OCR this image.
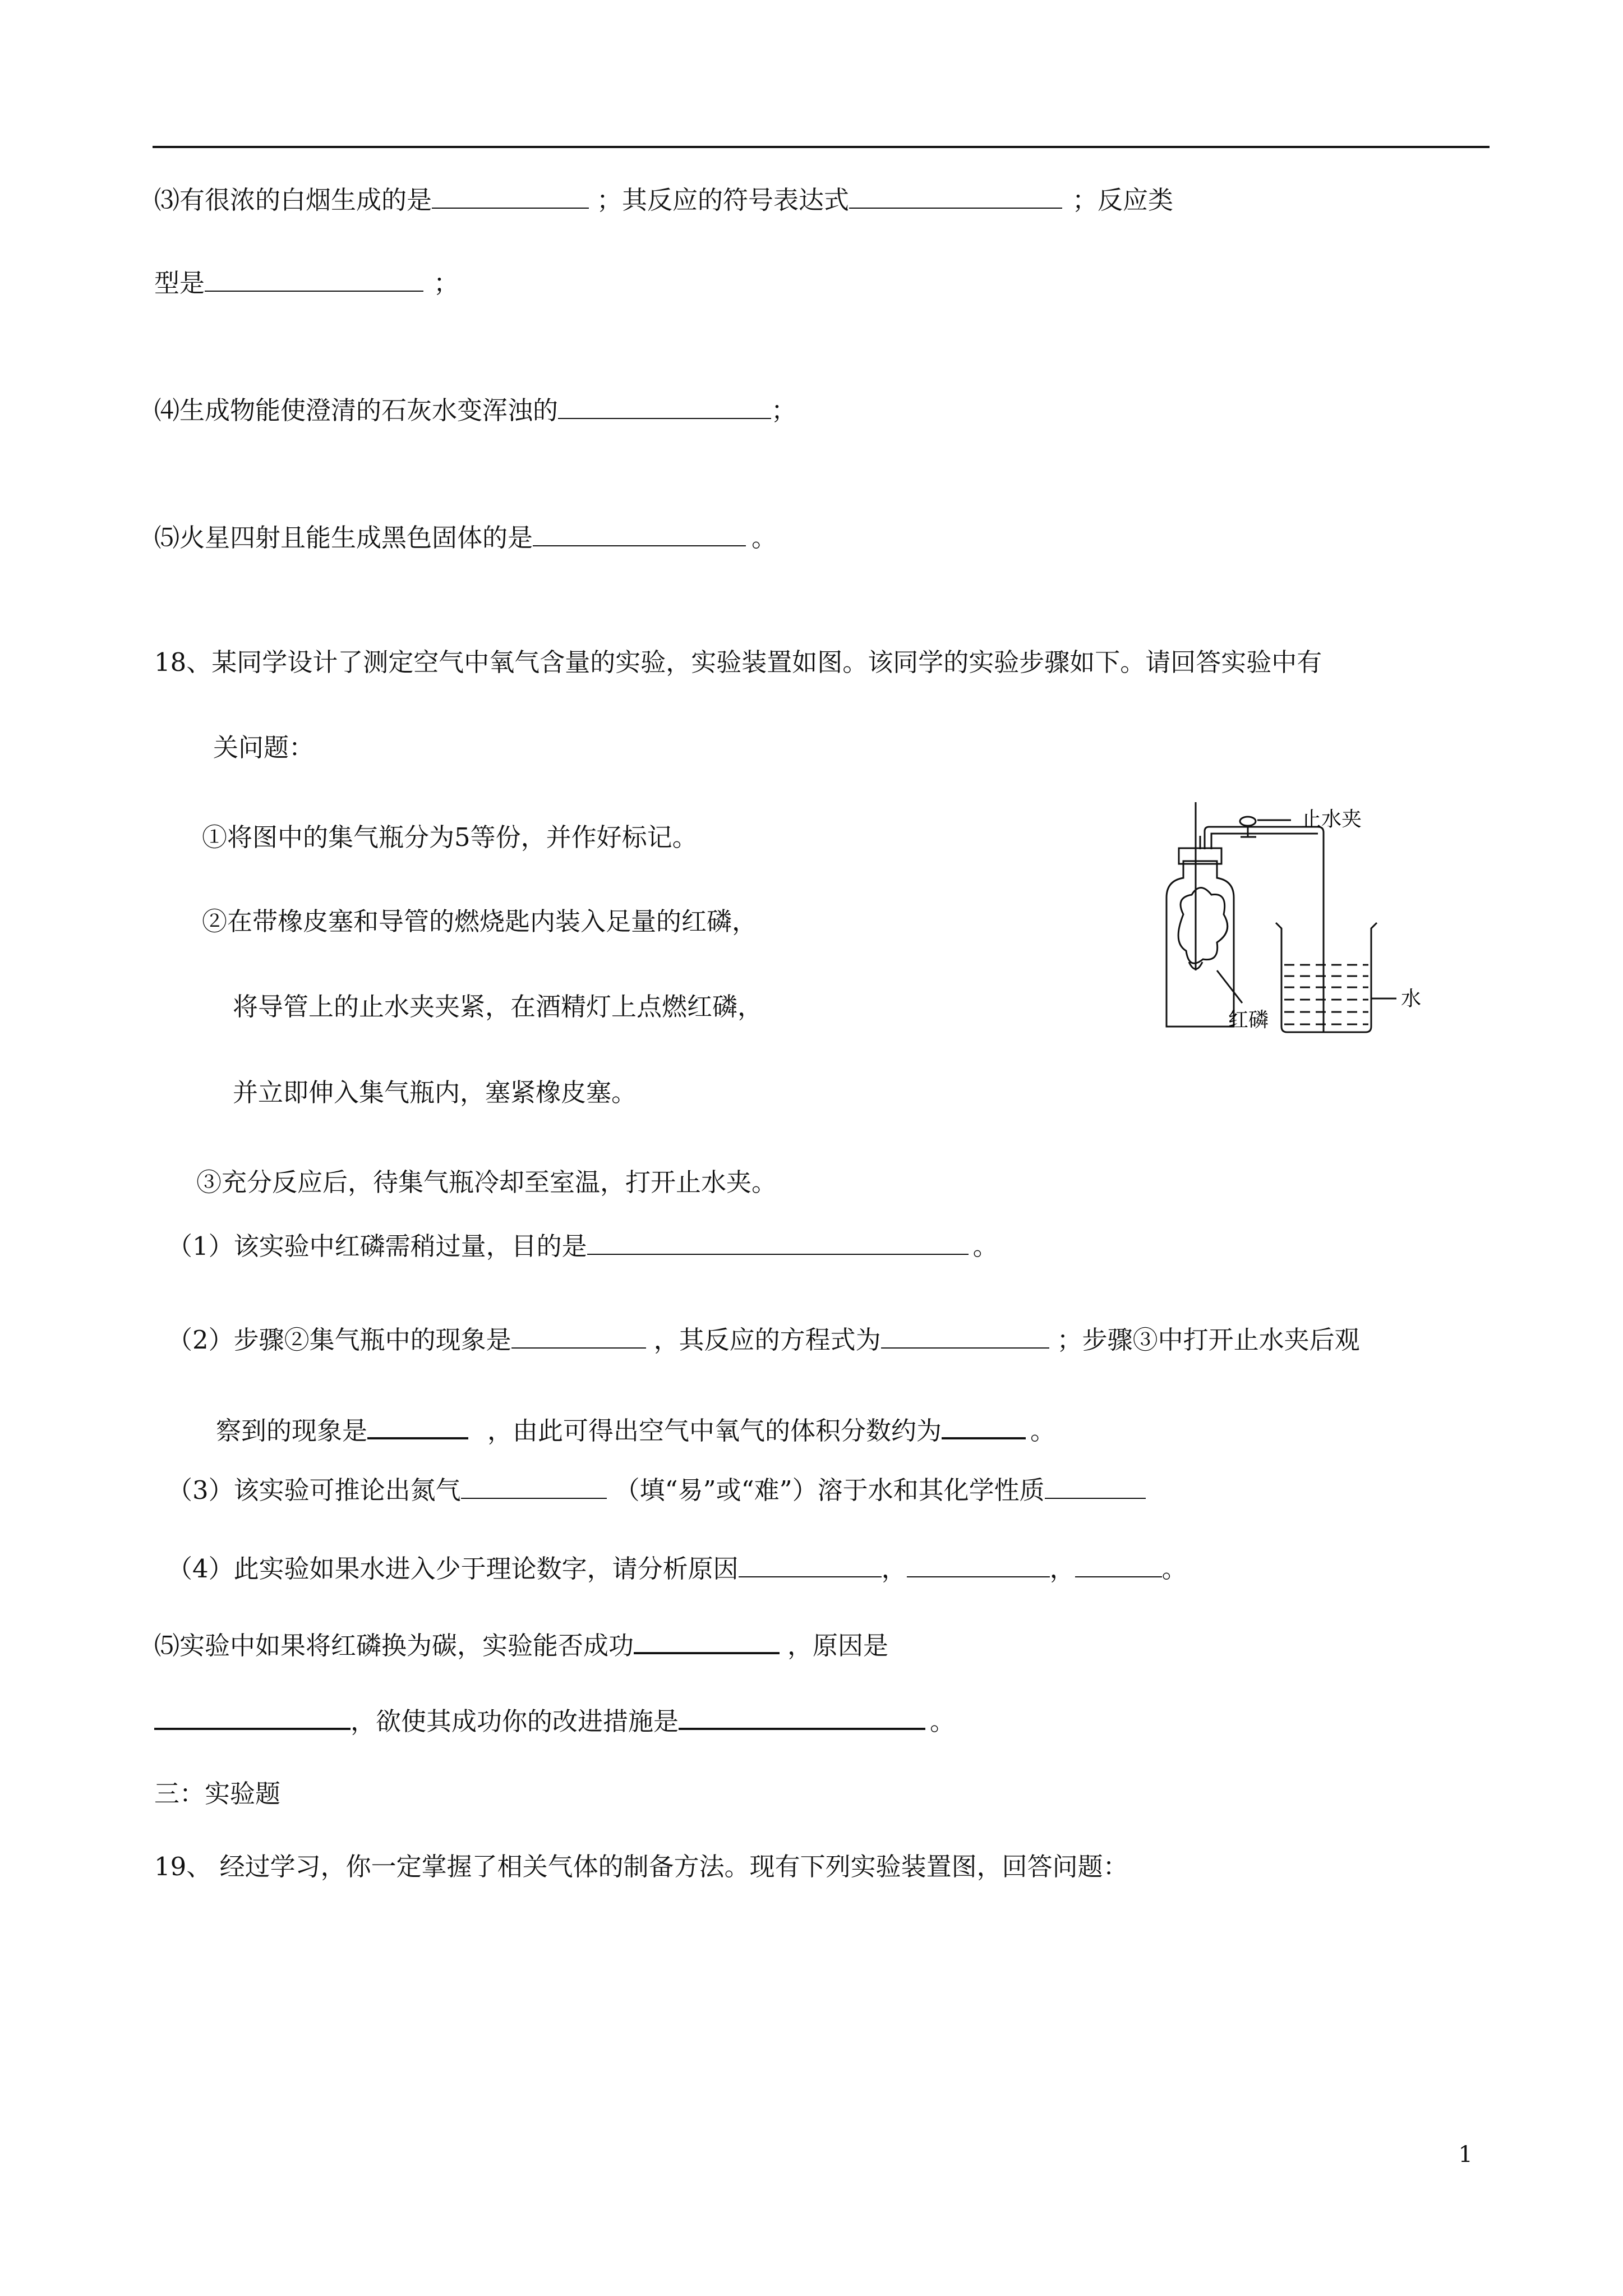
⑶有很浓的白烟生成的是	；其反应的符号表达式	；反应类
型是	；
⑷生成物能使澄清的石灰水变浑浊的	；
⑸火星四射且能生成黑色固体的是	。
18、某同学设计了测定空气中氧气含量的实验，实验装置如图。该同学的实验步骤如下。请回答实验中有
关问题：
①将图中的集气瓶分为5等份，并作好标记。
②在带橡皮塞和导管的燃烧匙内装入足量的红磷，
将导管上的止水夹夹紧，在酒精灯上点燃红磷，
并立即伸入集气瓶内，塞紧橡皮塞。
③充分反应后，待集气瓶冷却至室温，打开止水夹。
（1）该实验中红磷需稍过量，目的是	。
（2）步骤②集气瓶中的现象是	，其反应的方程式为	；步骤③中打开止水夹后观
察到的现象是	，由此可得出空气中氧气的体积分数约为	。
（3）该实验可推论出氮气	（填“易”或“难”）溶于水和其化学性质
（4）此实验如果水进入少于理论数字，请分析原因	，	，	。
⑸实验中如果将红磷换为碳，实验能否成功	，原因是
，欲使其成功你的改进措施是	。
三：实验题
19、 经过学习，你一定掌握了相关气体的制备方法。现有下列实验装置图，回答问题：
止水夹
水
红磷
1
